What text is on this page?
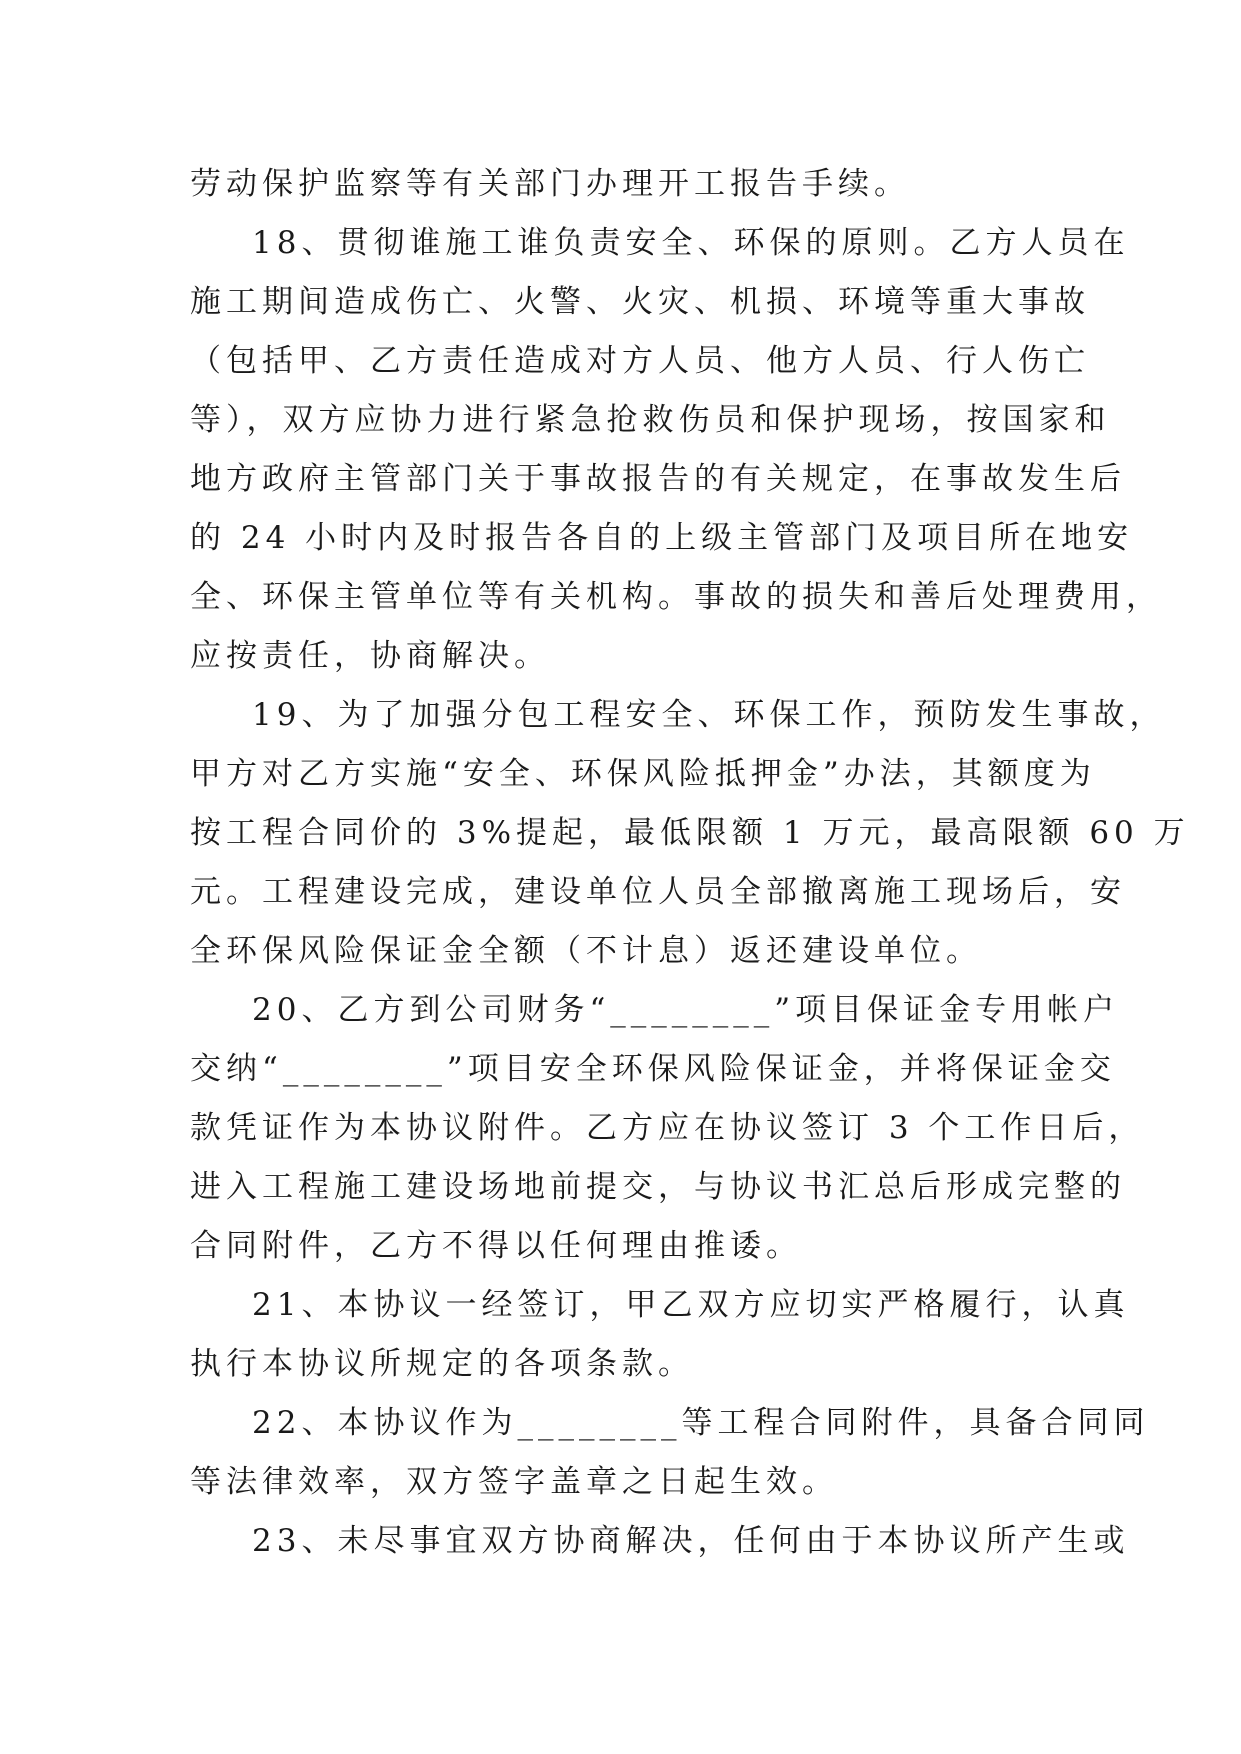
劳动保护监察等有关部门办理开工报告手续。
18、贯彻谁施工谁负责安全、环保的原则。乙方人员在
施工期间造成伤亡、火警、火灾、机损、环境等重大事故
（包括甲、乙方责任造成对方人员、他方人员、行人伤亡
等），双方应协力进行紧急抢救伤员和保护现场，按国家和
地方政府主管部门关于事故报告的有关规定，在事故发生后
的 24 小时内及时报告各自的上级主管部门及项目所在地安
全、环保主管单位等有关机构。事故的损失和善后处理费用，
应按责任，协商解决。
19、为了加强分包工程安全、环保工作，预防发生事故，
甲方对乙方实施“安全、环保风险抵押金”办法，其额度为
按工程合同价的 3%提起，最低限额 1 万元，最高限额 60 万
元。工程建设完成，建设单位人员全部撤离施工现场后，安
全环保风险保证金全额（不计息）返还建设单位。
20、乙方到公司财务“________”项目保证金专用帐户
交纳“________”项目安全环保风险保证金，并将保证金交
款凭证作为本协议附件。乙方应在协议签订 3 个工作日后，
进入工程施工建设场地前提交，与协议书汇总后形成完整的
合同附件，乙方不得以任何理由推诿。
21、本协议一经签订，甲乙双方应切实严格履行，认真
执行本协议所规定的各项条款。
22、本协议作为________等工程合同附件，具备合同同
等法律效率，双方签字盖章之日起生效。
23、未尽事宜双方协商解决，任何由于本协议所产生或
